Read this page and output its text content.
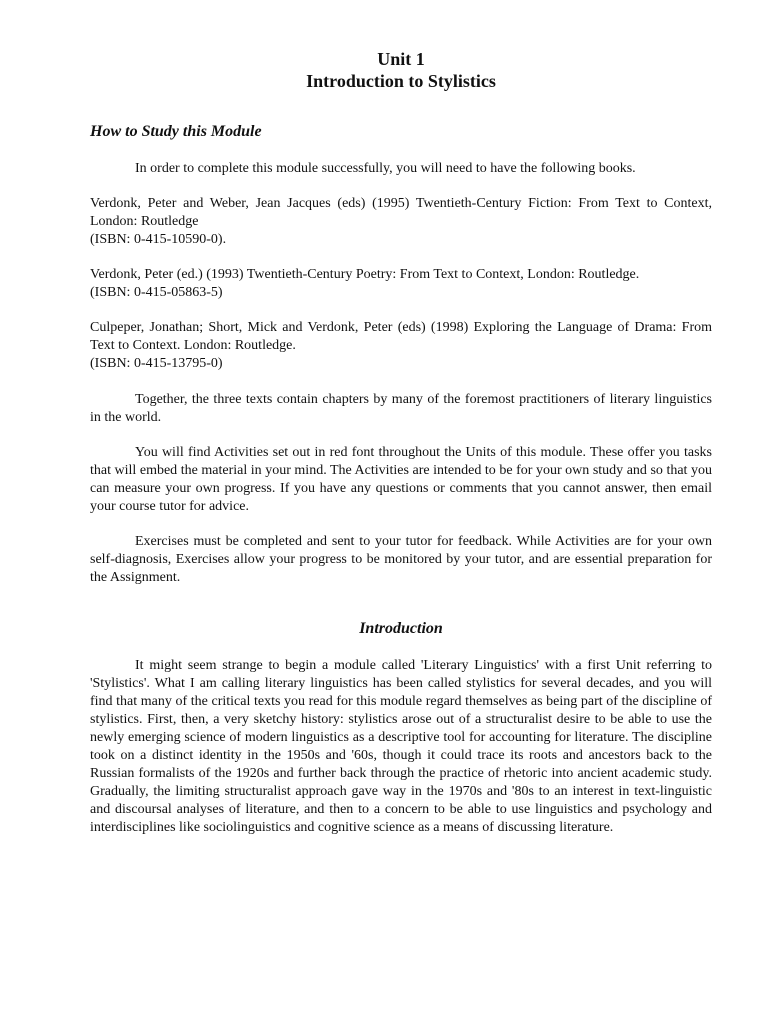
Unit 1
Introduction to Stylistics
How to Study this Module

In order to complete this module successfully, you will need to have the following books.

Verdonk, Peter and Weber, Jean Jacques (eds) (1995) Twentieth-Century Fiction: From Text to Context, London: Routledge

(ISBN: 0-415-10590-0).

Verdonk, Peter (ed.) (1993) Twentieth-Century Poetry: From Text to Context, London: Routledge.

(ISBN: 0-415-05863-5)

Culpeper, Jonathan; Short, Mick and Verdonk, Peter (eds) (1998) Exploring the Language of Drama: From Text to Context. London: Routledge.

(ISBN: 0-415-13795-0)

Together, the three texts contain chapters by many of the foremost practitioners of literary linguistics in the world.

You will find Activities set out in red font throughout the Units of this module. These offer you tasks that will embed the material in your mind. The Activities are intended to be for your own study and so that you can measure your own progress. If you have any questions or comments that you cannot answer, then email your course tutor for advice.

Exercises must be completed and sent to your tutor for feedback. While Activities are for your own self-diagnosis, Exercises allow your progress to be monitored by your tutor, and are essential preparation for the Assignment.

Introduction

It might seem strange to begin a module called 'Literary Linguistics' with a first Unit referring to 'Stylistics'. What I am calling literary linguistics has been called stylistics for several decades, and you will find that many of the critical texts you read for this module regard themselves as being part of the discipline of stylistics. First, then, a very sketchy history: stylistics arose out of a structuralist desire to be able to use the newly emerging science of modern linguistics as a descriptive tool for accounting for literature. The discipline took on a distinct identity in the 1950s and '60s, though it could trace its roots and ancestors back to the Russian formalists of the 1920s and further back through the practice of rhetoric into ancient academic study. Gradually, the limiting structuralist approach gave way in the 1970s and '80s to an interest in text-linguistic and discoursal analyses of literature, and then to a concern to be able to use linguistics and psychology and interdisciplines like sociolinguistics and cognitive science as a means of discussing literature.
